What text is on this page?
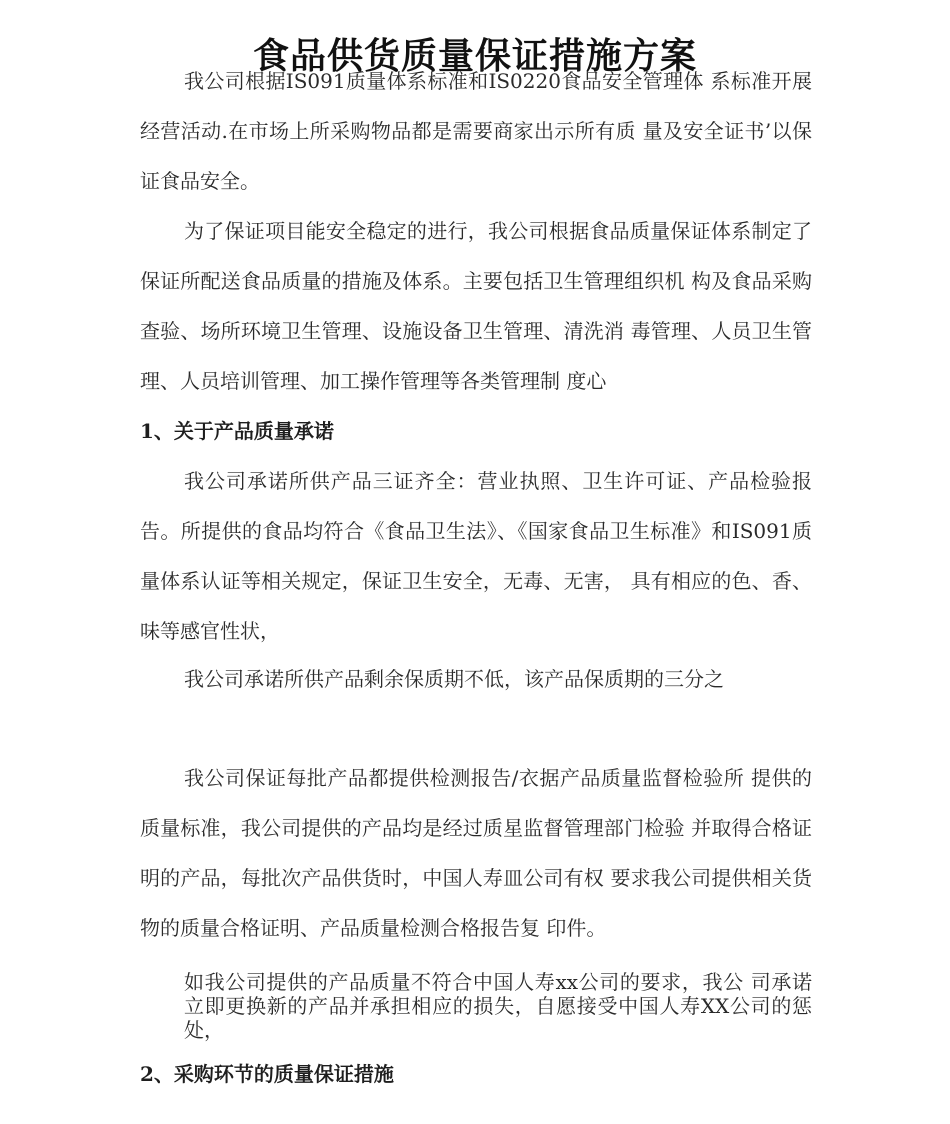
食品供货质量保证措施方案

我公司根据IS091质量体系标准和IS0220食品安全管理体 系标准开展经营活动.在市场上所采购物品都是需要商家出示所有质 量及安全证书’以保证食品安全。

为了保证项目能安全稳定的进行，我公司根据食品质量保证体系制定了保证所配送食品质量的措施及体系。主要包括卫生管理组织机 构及食品采购查验、场所环境卫生管理、设施设备卫生管理、清洗消 毒管理、人员卫生管理、人员培训管理、加工操作管理等各类管理制 度心

1、关于产品质量承诺

我公司承诺所供产品三证齐全：营业执照、卫生许可证、产品检验报告。所提供的食品均符合《食品卫生法》、《国家食品卫生标准》和IS091质量体系认证等相关规定，保证卫生安全，无毒、无害， 具有相应的色、香、味等感官性状，

我公司承诺所供产品剩余保质期不低，该产品保质期的三分之

我公司保证每批产品都提供检测报告/衣据产品质量监督检验所 提供的质量标准，我公司提供的产品均是经过质星监督管理部门检验 并取得合格证明的产品，每批次产品供货时，中国人寿皿公司有权 要求我公司提供相关货物的质量合格证明、产品质量检测合格报告复 印件。

如我公司提供的产品质量不符合中国人寿xx公司的要求，我公 司承诺立即更换新的产品并承担相应的损失，自愿接受中国人寿XX公司的惩处，

2、采购环节的质量保证措施
